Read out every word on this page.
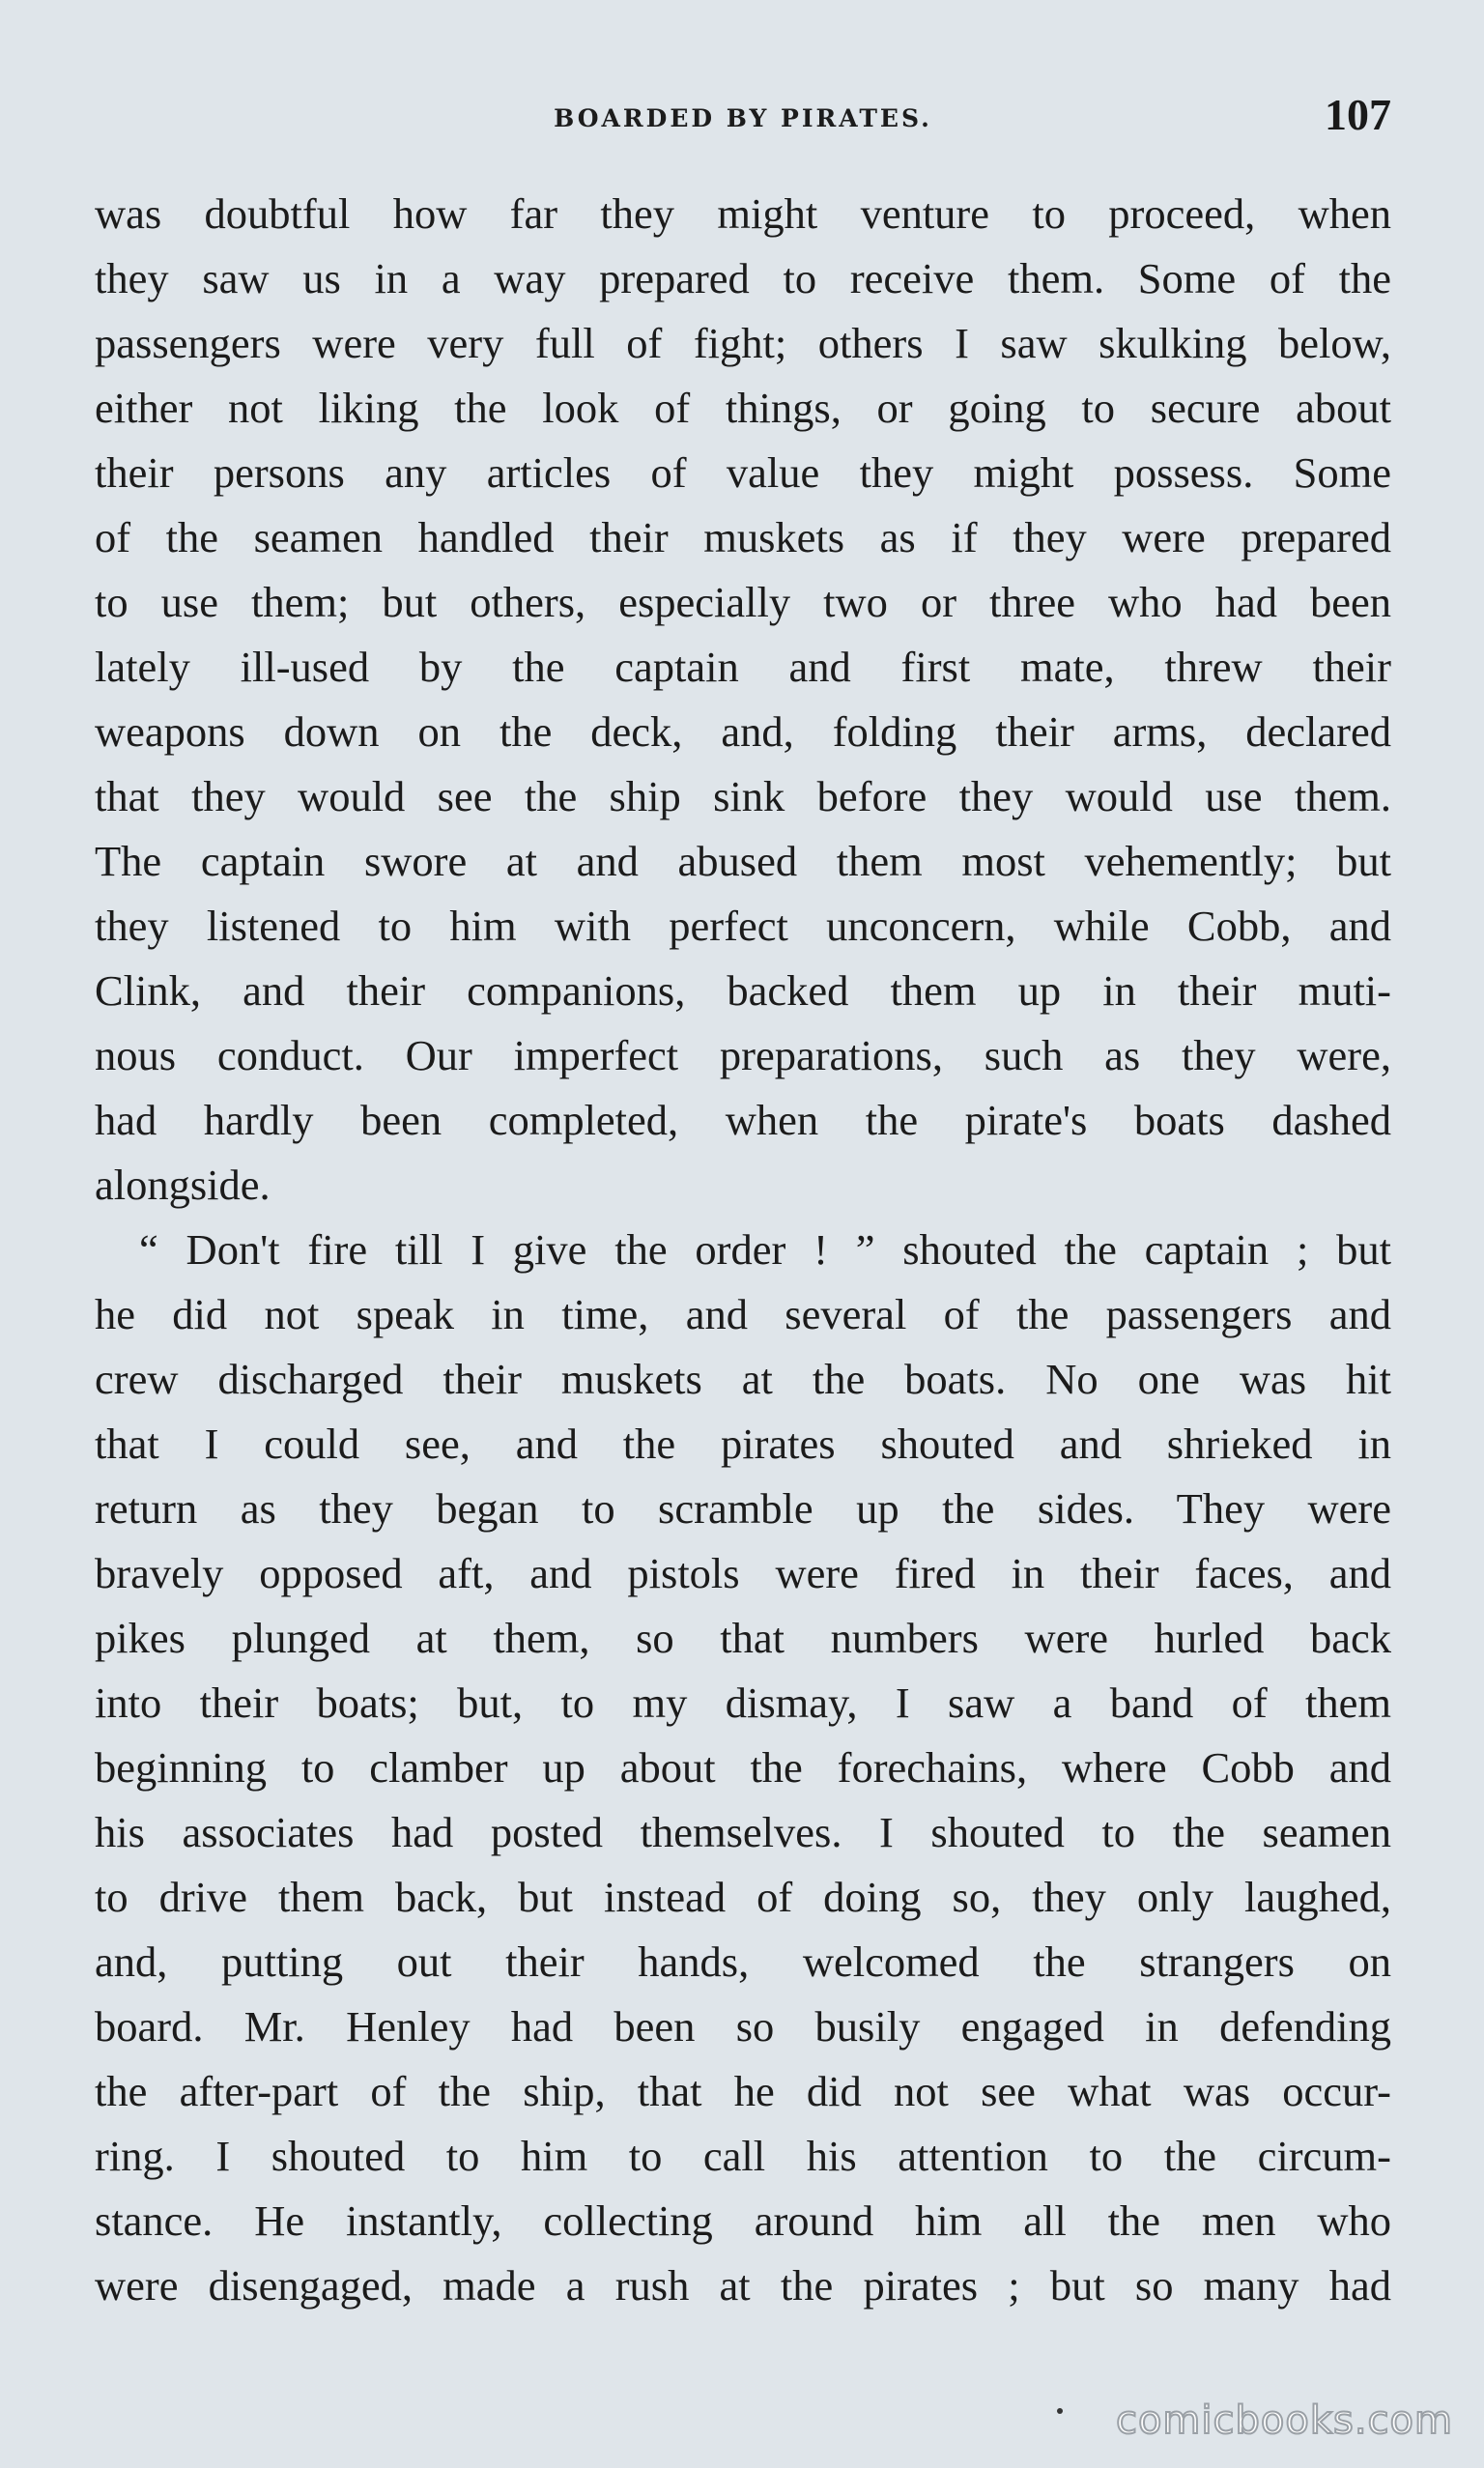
BOARDED BY PIRATES.	107
was doubtful how far they might venture to proceed, when
they saw us in a way prepared to receive them. Some of the
passengers were very full of fight; others I saw skulking below,
either not liking the look of things, or going to secure about
their persons any articles of value they might possess. Some
of the seamen handled their muskets as if they were prepared
to use them; but others, especially two or three who had been
lately ill-used by the captain and first mate, threw their
weapons down on the deck, and, folding their arms, declared
that they would see the ship sink before they would use them.
The captain swore at and abused them most vehemently; but
they listened to him with perfect unconcern, while Cobb, and
Clink, and their companions, backed them up in their muti-
nous conduct. Our imperfect preparations, such as they were,
had hardly been completed, when the pirate's boats dashed
alongside.
“ Don't fire till I give the order ! ” shouted the captain ; but
he did not speak in time, and several of the passengers and
crew discharged their muskets at the boats. No one was hit
that I could see, and the pirates shouted and shrieked in
return as they began to scramble up the sides. They were
bravely opposed aft, and pistols were fired in their faces, and
pikes plunged at them, so that numbers were hurled back
into their boats; but, to my dismay, I saw a band of them
beginning to clamber up about the forechains, where Cobb and
his associates had posted themselves. I shouted to the seamen
to drive them back, but instead of doing so, they only laughed,
and, putting out their hands, welcomed the strangers on
board. Mr. Henley had been so busily engaged in defending
the after-part of the ship, that he did not see what was occur-
ring. I shouted to him to call his attention to the circum-
stance. He instantly, collecting around him all the men who
were disengaged, made a rush at the pirates ; but so many had
comicbooks.com
